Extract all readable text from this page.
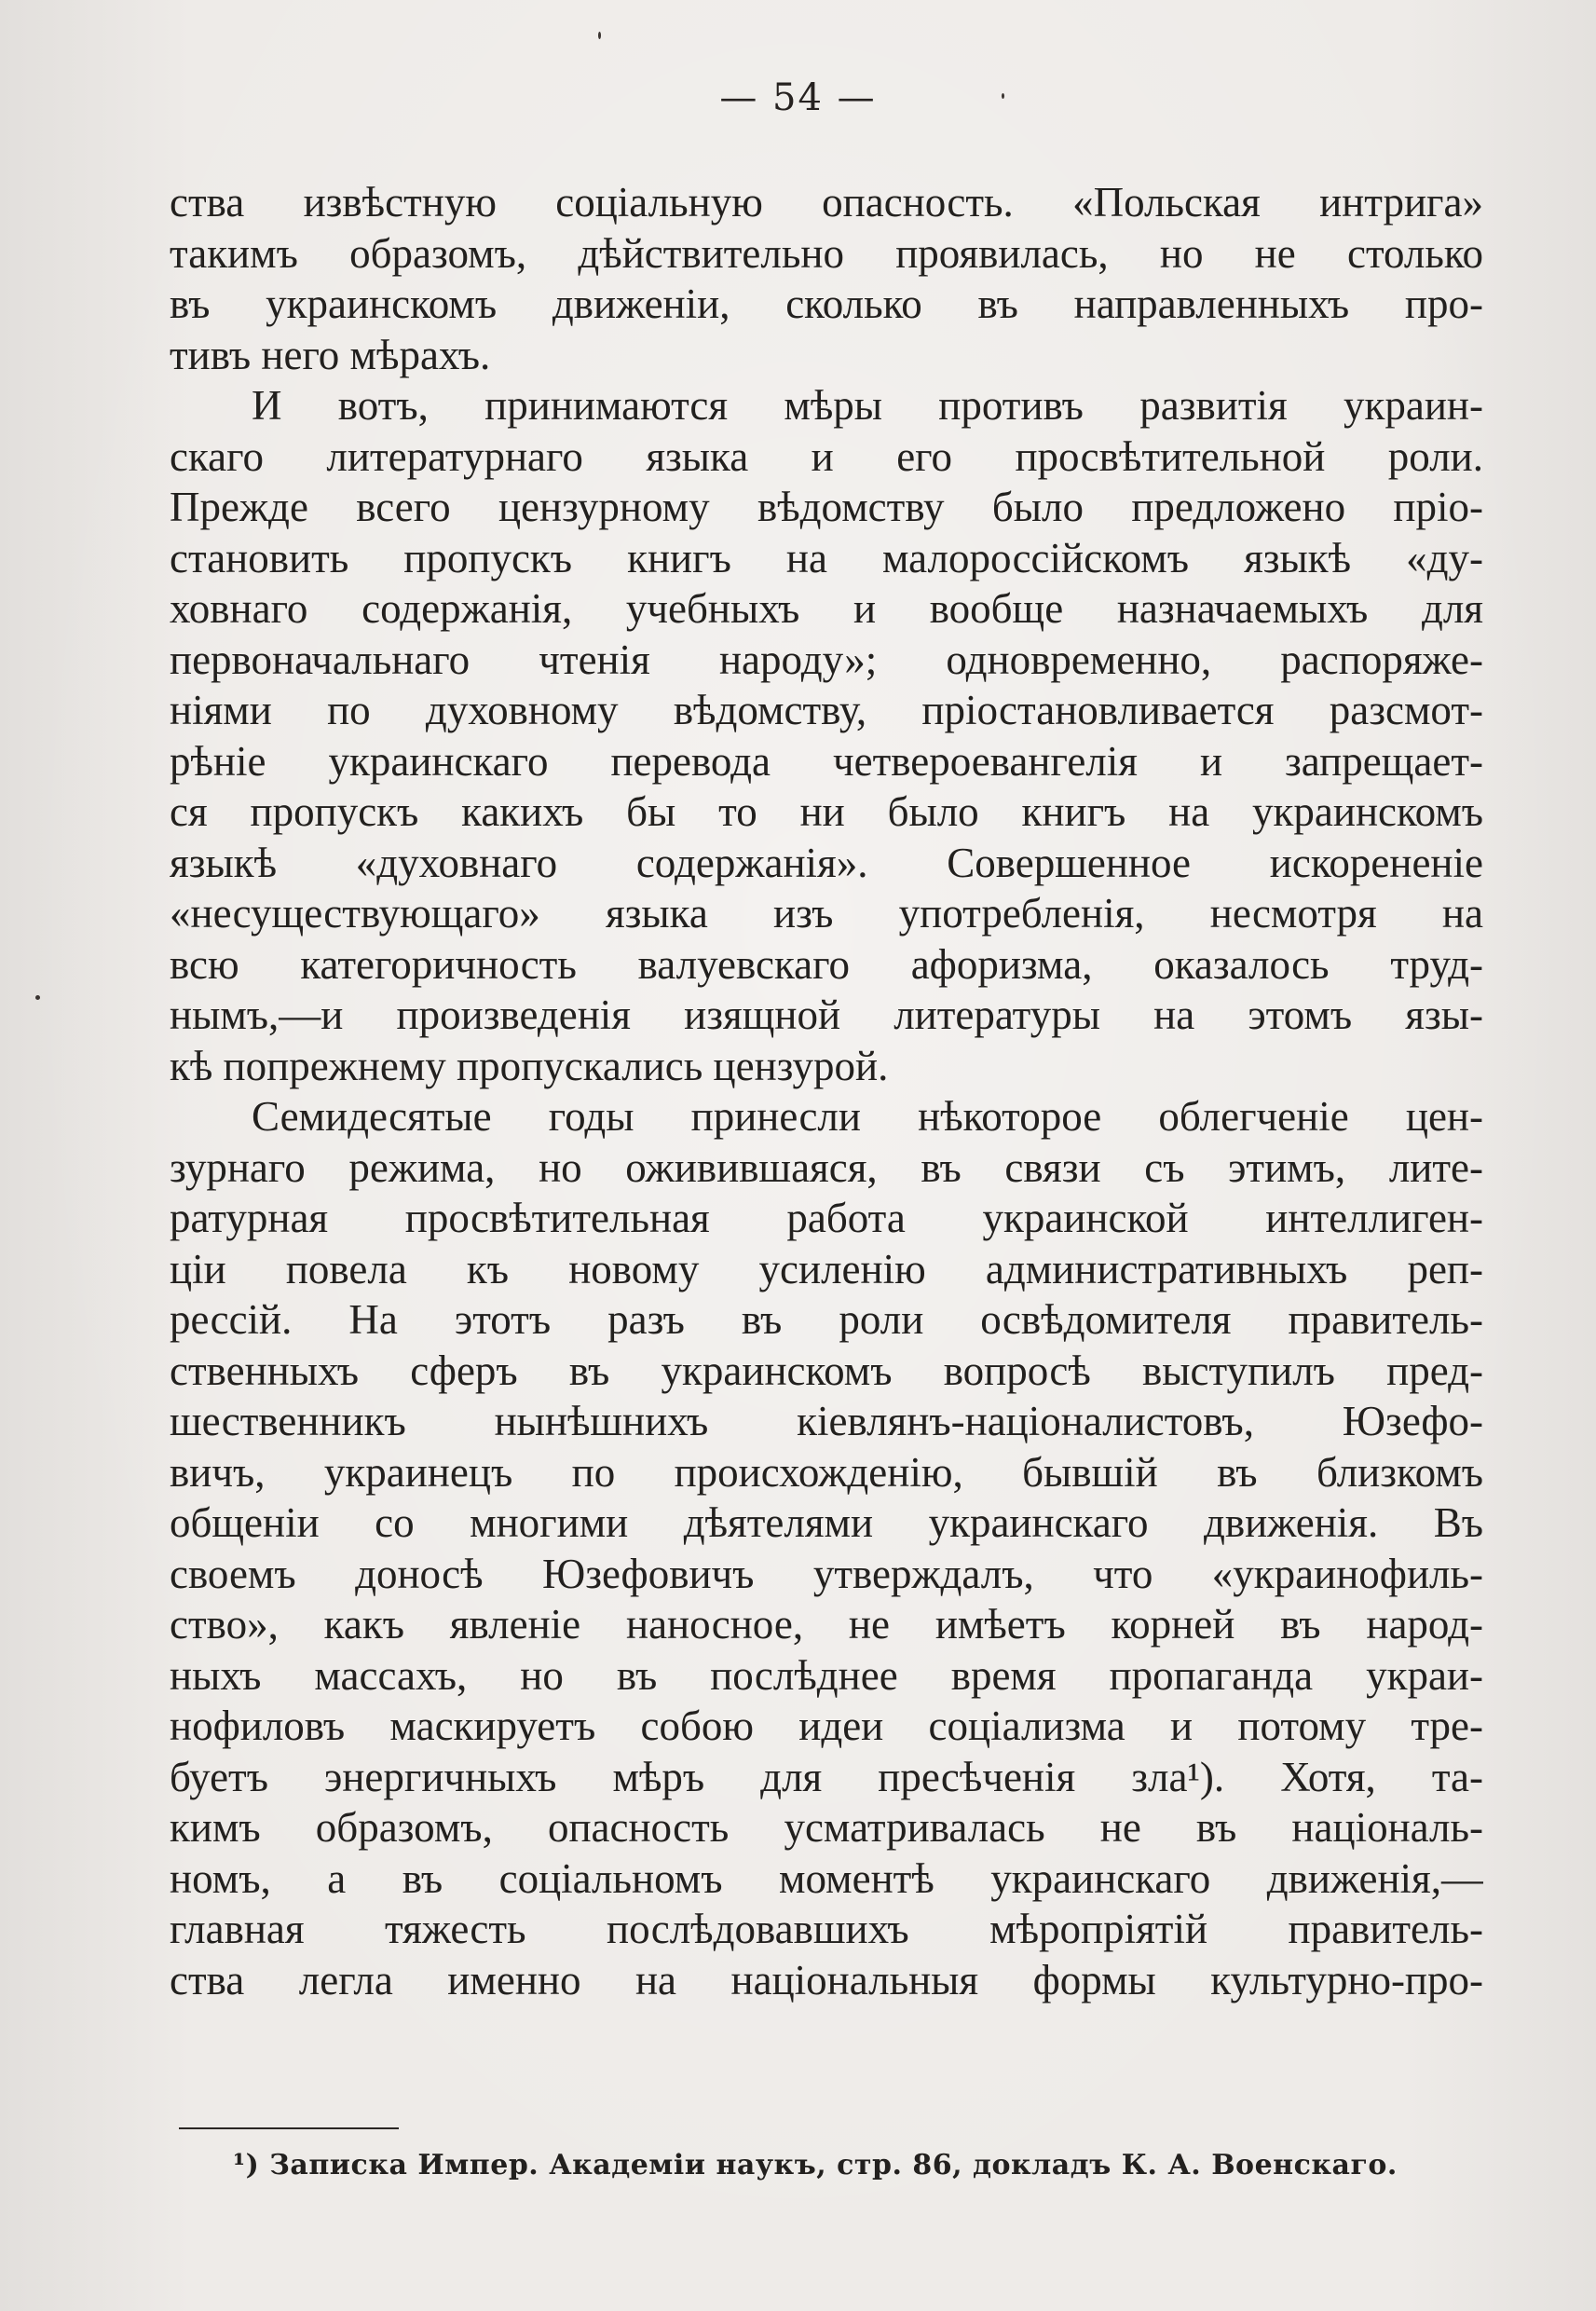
— 54 —
ства извѣстную соціальную опасность. «Польская интрига»
такимъ образомъ, дѣйствительно проявилась, но не столько
въ украинскомъ движеніи, сколько въ направленныхъ про-
тивъ него мѣрахъ.
И вотъ, принимаются мѣры противъ развитія украин-
скаго литературнаго языка и его просвѣтительной роли.
Прежде всего цензурному вѣдомству было предложено пріо-
становить пропускъ книгъ на малороссійскомъ языкѣ «ду-
ховнаго содержанія, учебныхъ и вообще назначаемыхъ для
первоначальнаго чтенія народу»; одновременно, распоряже-
ніями по духовному вѣдомству, пріостановливается разсмот-
рѣніе украинскаго перевода четвероевангелія и запрещает-
ся пропускъ какихъ бы то ни было книгъ на украинскомъ
языкѣ «духовнаго содержанія». Совершенное искорененіе
«несуществующаго» языка изъ употребленія, несмотря на
всю категоричность валуевскаго афоризма, оказалось труд-
нымъ,—и произведенія изящной литературы на этомъ язы-
кѣ попрежнему пропускались цензурой.
Семидесятые годы принесли нѣкоторое облегченіе цен-
зурнаго режима, но оживившаяся, въ связи съ этимъ, лите-
ратурная просвѣтительная работа украинской интеллиген-
ціи повела къ новому усиленію административныхъ реп-
рессій. На этотъ разъ въ роли освѣдомителя правитель-
ственныхъ сферъ въ украинскомъ вопросѣ выступилъ пред-
шественникъ нынѣшнихъ кіевлянъ-націоналистовъ, Юзефо-
вичъ, украинецъ по происхожденію, бывшій въ близкомъ
общеніи со многими дѣятелями украинскаго движенія. Въ
своемъ доносѣ Юзефовичъ утверждалъ, что «украинофиль-
ство», какъ явленіе наносное, не имѣетъ корней въ народ-
ныхъ массахъ, но въ послѣднее время пропаганда украи-
нофиловъ маскируетъ собою идеи соціализма и потому тре-
буетъ энергичныхъ мѣръ для пресѣченія зла¹). Хотя, та-
кимъ образомъ, опасность усматривалась не въ національ-
номъ, а въ соціальномъ моментѣ украинскаго движенія,—
главная тяжесть послѣдовавшихъ мѣропріятій правитель-
ства легла именно на національныя формы культурно-про-
¹) Записка Импер. Академіи наукъ, стр. 86, докладъ К. А. Военскаго.
